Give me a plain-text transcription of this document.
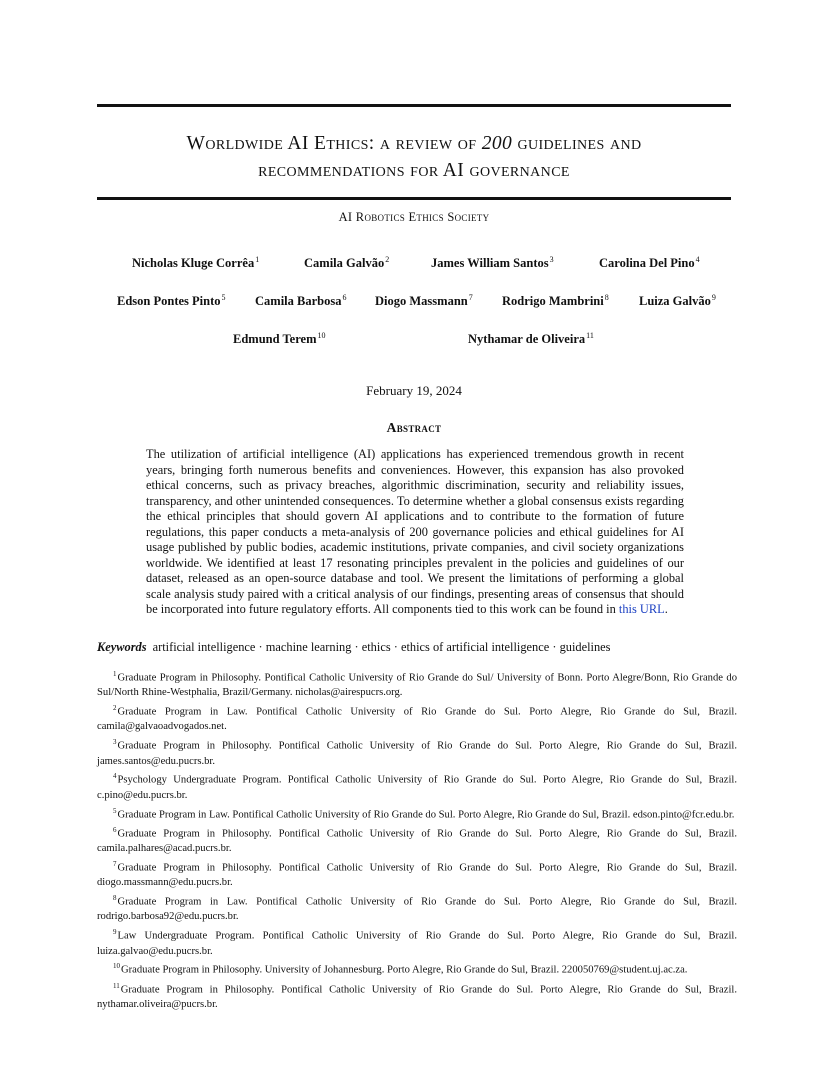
Worldwide AI Ethics: a review of 200 guidelines and
recommendations for AI governance
AI Robotics Ethics Society
Nicholas Kluge Corrêa$^1$	Camila Galvão$^2$	James William Santos$^3$	Carolina Del Pino$^4$
Edson Pontes Pinto$^5$ Camila Barbosa$^6$ Diogo Massmann$^7$ Rodrigo Mambrini$^8$ Luiza Galvão$^9$
Edmund Terem$^{10}$	Nythamar de Oliveira$^{11}$
February 19, 2024
Abstract
The utilization of artificial intelligence (AI) applications has experienced tremendous growth in recent years, bringing forth numerous benefits and conveniences. However, this expansion has also provoked ethical concerns, such as privacy breaches, algorithmic discrimination, security and reliability issues, transparency, and other unintended consequences. To determine whether a global consensus exists regarding the ethical principles that should govern AI applications and to contribute to the formation of future regulations, this paper conducts a meta-analysis of 200 governance policies and ethical guidelines for AI usage published by public bodies, academic institutions, private companies, and civil society organizations worldwide. We identified at least 17 resonating principles prevalent in the policies and guidelines of our dataset, released as an open-source database and tool. We present the limitations of performing a global scale analysis study paired with a critical analysis of our findings, presenting areas of consensus that should be incorporated into future regulatory efforts. All components tied to this work can be found in this URL.
Keywords artificial intelligence · machine learning · ethics · ethics of artificial intelligence · guidelines
$^1$Graduate Program in Philosophy. Pontifical Catholic University of Rio Grande do Sul/ University of Bonn. Porto Alegre/Bonn, Rio Grande do Sul/North Rhine-Westphalia, Brazil/Germany. nicholas@airespucrs.org.
$^2$Graduate Program in Law. Pontifical Catholic University of Rio Grande do Sul. Porto Alegre, Rio Grande do Sul, Brazil. camila@galvaoadvogados.net.
$^3$Graduate Program in Philosophy. Pontifical Catholic University of Rio Grande do Sul. Porto Alegre, Rio Grande do Sul, Brazil. james.santos@edu.pucrs.br.
$^4$Psychology Undergraduate Program. Pontifical Catholic University of Rio Grande do Sul. Porto Alegre, Rio Grande do Sul, Brazil. c.pino@edu.pucrs.br.
$^5$Graduate Program in Law. Pontifical Catholic University of Rio Grande do Sul. Porto Alegre, Rio Grande do Sul, Brazil. edson.pinto@fcr.edu.br.
$^6$Graduate Program in Philosophy. Pontifical Catholic University of Rio Grande do Sul. Porto Alegre, Rio Grande do Sul, Brazil. camila.palhares@acad.pucrs.br.
$^7$Graduate Program in Philosophy. Pontifical Catholic University of Rio Grande do Sul. Porto Alegre, Rio Grande do Sul, Brazil. diogo.massmann@edu.pucrs.br.
$^8$Graduate Program in Law. Pontifical Catholic University of Rio Grande do Sul. Porto Alegre, Rio Grande do Sul, Brazil. rodrigo.barbosa92@edu.pucrs.br.
$^9$Law Undergraduate Program. Pontifical Catholic University of Rio Grande do Sul. Porto Alegre, Rio Grande do Sul, Brazil. luiza.galvao@edu.pucrs.br.
$^{10}$Graduate Program in Philosophy. University of Johannesburg. Porto Alegre, Rio Grande do Sul, Brazil. 220050769@student.uj.ac.za.
$^{11}$Graduate Program in Philosophy. Pontifical Catholic University of Rio Grande do Sul. Porto Alegre, Rio Grande do Sul, Brazil. nythamar.oliveira@pucrs.br.
